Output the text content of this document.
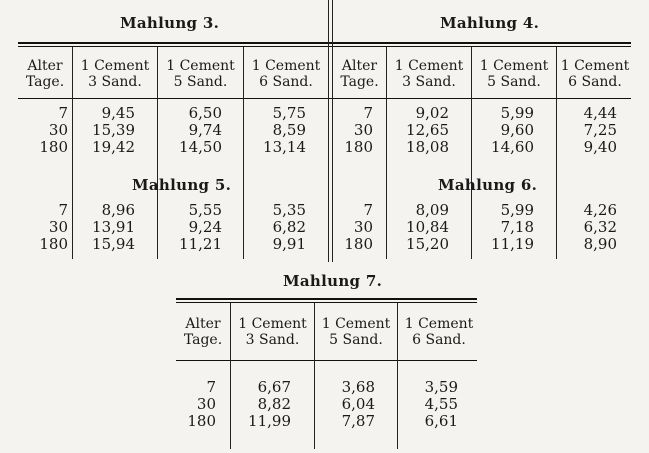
Mahlung 3.	Mahlung 4.
Alter
Tage.
1 Cement
3 Sand.
1 Cement
5 Sand.
1 Cement
6 Sand.
Alter
Tage.
1 Cement
3 Sand.
1 Cement
5 Sand.
1 Cement
6 Sand.
7
30
180
9,45
15,39
19,42
6,50
9,74
14,50
5,75
8,59
13,14
7
30
180
9,02
12,65
18,08
5,99
9,60
14,60
4,44
7,25
9,40
Mahlung 5.	Mahlung 6.
7
30
180
8,96
13,91
15,94
5,55
9,24
11,21
5,35
6,82
9,91
7
30
180
8,09
10,84
15,20
5,99
7,18
11,19
4,26
6,32
8,90
Mahlung 7.
Alter
Tage.
1 Cement
3 Sand.
1 Cement
5 Sand.
1 Cement
6 Sand.
7
30
180
6,67
8,82
11,99
3,68
6,04
7,87
3,59
4,55
6,61
